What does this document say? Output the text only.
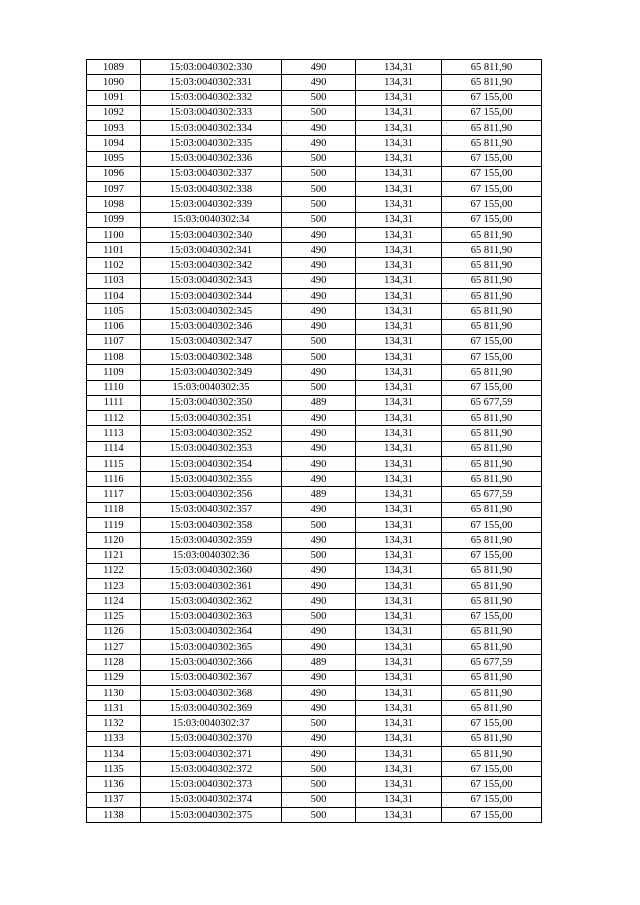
1089	15:03:0040302:330	490	134,31	65 811,90
1090	15:03:0040302:331	490	134,31	65 811,90
1091	15:03:0040302:332	500	134,31	67 155,00
1092	15:03:0040302:333	500	134,31	67 155,00
1093	15:03:0040302:334	490	134,31	65 811,90
1094	15:03:0040302:335	490	134,31	65 811,90
1095	15:03:0040302:336	500	134,31	67 155,00
1096	15:03:0040302:337	500	134,31	67 155,00
1097	15:03:0040302:338	500	134,31	67 155,00
1098	15:03:0040302:339	500	134,31	67 155,00
1099	15:03:0040302:34	500	134,31	67 155,00
1100	15:03:0040302:340	490	134,31	65 811,90
1101	15:03:0040302:341	490	134,31	65 811,90
1102	15:03:0040302:342	490	134,31	65 811,90
1103	15:03:0040302:343	490	134,31	65 811,90
1104	15:03:0040302:344	490	134,31	65 811,90
1105	15:03:0040302:345	490	134,31	65 811,90
1106	15:03:0040302:346	490	134,31	65 811,90
1107	15:03:0040302:347	500	134,31	67 155,00
1108	15:03:0040302:348	500	134,31	67 155,00
1109	15:03:0040302:349	490	134,31	65 811,90
1110	15:03:0040302:35	500	134,31	67 155,00
1111	15:03:0040302:350	489	134,31	65 677,59
1112	15:03:0040302:351	490	134,31	65 811,90
1113	15:03:0040302:352	490	134,31	65 811,90
1114	15:03:0040302:353	490	134,31	65 811,90
1115	15:03:0040302:354	490	134,31	65 811,90
1116	15:03:0040302:355	490	134,31	65 811,90
1117	15:03:0040302:356	489	134,31	65 677,59
1118	15:03:0040302:357	490	134,31	65 811,90
1119	15:03:0040302:358	500	134,31	67 155,00
1120	15:03:0040302:359	490	134,31	65 811,90
1121	15:03:0040302:36	500	134,31	67 155,00
1122	15:03:0040302:360	490	134,31	65 811,90
1123	15:03:0040302:361	490	134,31	65 811,90
1124	15:03:0040302:362	490	134,31	65 811,90
1125	15:03:0040302:363	500	134,31	67 155,00
1126	15:03:0040302:364	490	134,31	65 811,90
1127	15:03:0040302:365	490	134,31	65 811,90
1128	15:03:0040302:366	489	134,31	65 677,59
1129	15:03:0040302:367	490	134,31	65 811,90
1130	15:03:0040302:368	490	134,31	65 811,90
1131	15:03:0040302:369	490	134,31	65 811,90
1132	15:03:0040302:37	500	134,31	67 155,00
1133	15:03:0040302:370	490	134,31	65 811,90
1134	15:03:0040302:371	490	134,31	65 811,90
1135	15:03:0040302:372	500	134,31	67 155,00
1136	15:03:0040302:373	500	134,31	67 155,00
1137	15:03:0040302:374	500	134,31	67 155,00
1138	15:03:0040302:375	500	134,31	67 155,00
